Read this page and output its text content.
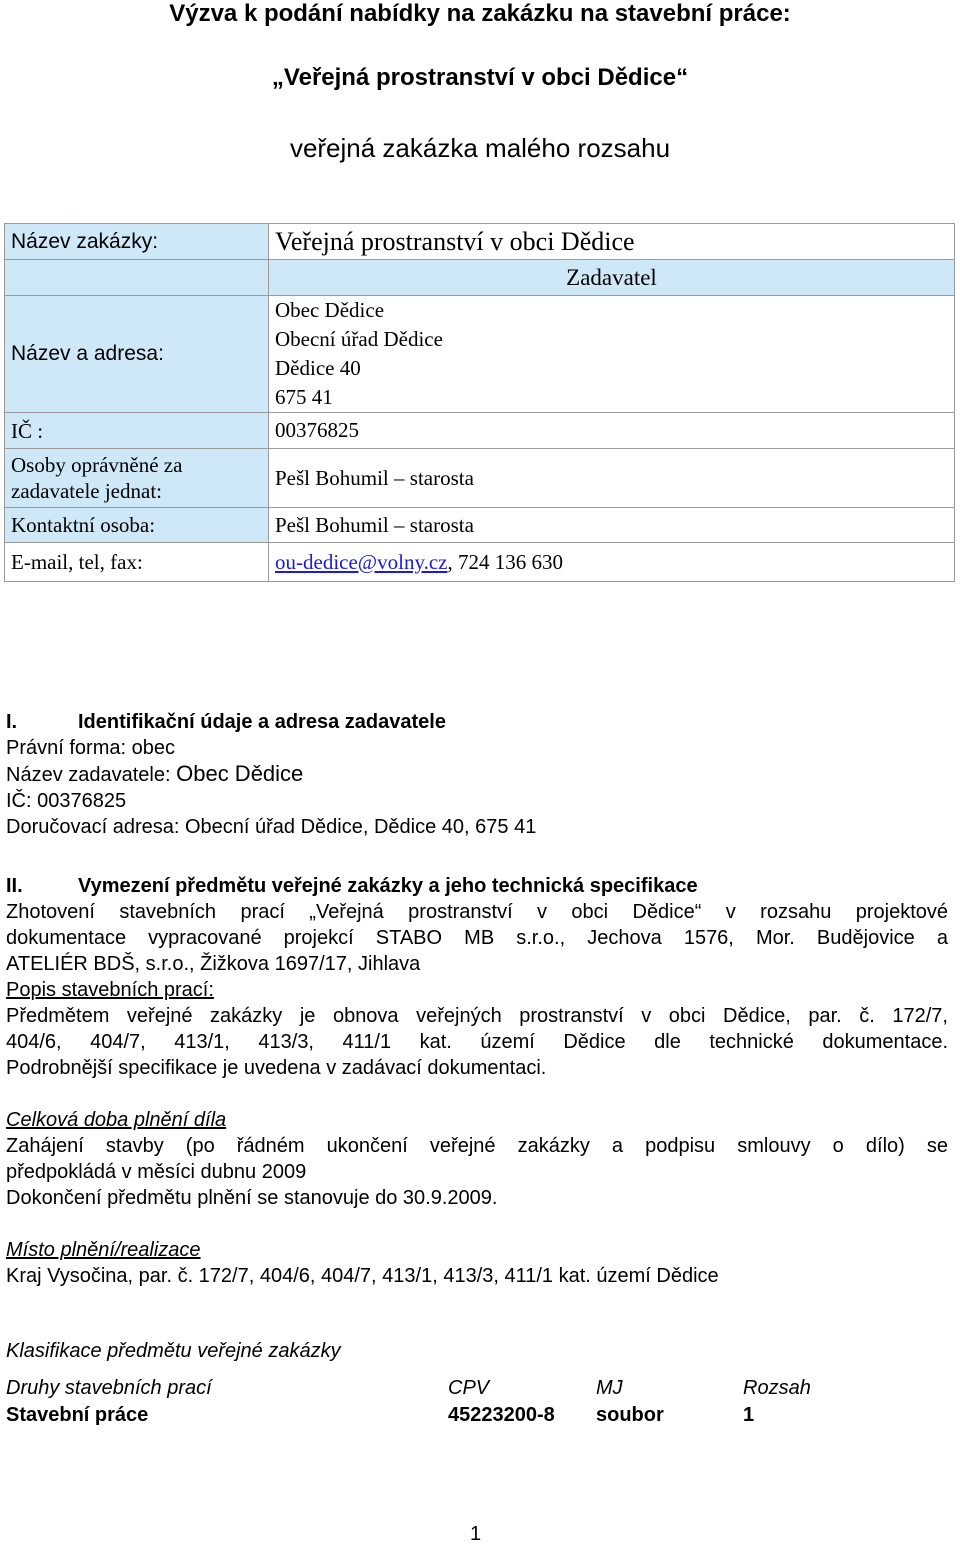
Výzva k podání nabídky na zakázku na stavební práce:
„Veřejná prostranství v obci Dědice“
veřejná zakázka malého rozsahu
Název zakázky:	Veřejná prostranství v obci Dědice
	Zadavatel
Název a adresa:	Obec Dědice
Obecní úřad Dědice
Dědice 40
675 41

IČ :	00376825

Osoby oprávněné za
zadavatele jednat:	Pešl Bohumil – starosta
Kontaktní osoba:	Pešl Bohumil – starosta
E-mail, tel, fax:	ou-dedice@volny.cz, 724 136 630
I.	Identifikační údaje a adresa zadavatele
Právní forma: obec
Název zadavatele: Obec Dědice
IČ: 00376825
Doručovací adresa: Obecní úřad Dědice, Dědice 40, 675 41
II.	Vymezení předmětu veřejné zakázky a jeho technická specifikace
Zhotovení stavebních prací „Veřejná prostranství v obci Dědice“ v rozsahu projektové
dokumentace vypracované projekcí STABO MB s.r.o., Jechova 1576, Mor. Budějovice a
ATELIÉR BDŠ, s.r.o., Žižkova 1697/17, Jihlava
Popis stavebních prací:
Předmětem veřejné zakázky je obnova veřejných prostranství v obci Dědice, par. č. 172/7,
404/6, 404/7, 413/1, 413/3, 411/1 kat. území Dědice dle technické dokumentace.
Podrobnější specifikace je uvedena v zadávací dokumentaci.
Celková doba plnění díla
Zahájení stavby (po řádném ukončení veřejné zakázky a podpisu smlouvy o dílo) se
předpokládá v měsíci dubnu 2009
Dokončení předmětu plnění se stanovuje do 30.9.2009.
Místo plnění/realizace
Kraj Vysočina, par. č. 172/7, 404/6, 404/7, 413/1, 413/3, 411/1 kat. území Dědice
Klasifikace předmětu veřejné zakázky
Druhy stavebních prací	CPV	MJ	Rozsah
Stavební práce	45223200-8 soubor	1
1
